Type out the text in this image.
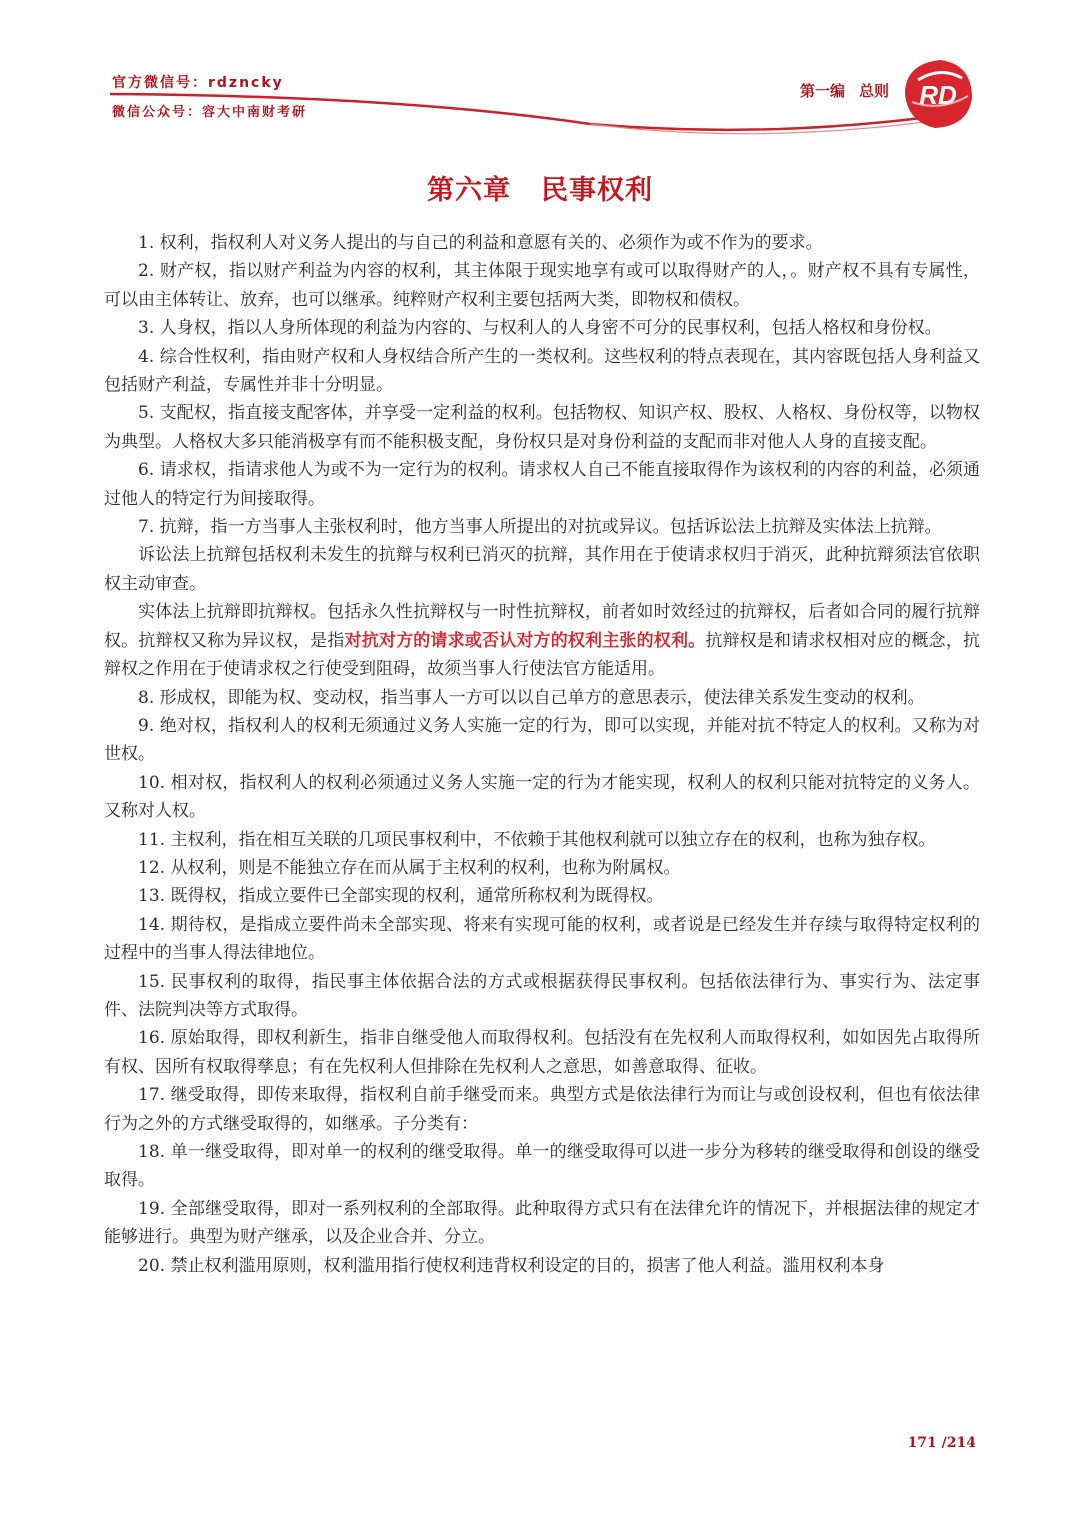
RD
官方微信号：rdzncky
微信公众号：容大中南财考研
第一编 总则
第六章 民事权利

1. 权利，指权利人对义务人提出的与自己的利益和意愿有关的、必须作为或不作为的要求。

2. 财产权，指以财产利益为内容的权利，其主体限于现实地享有或可以取得财产的人，。财产权不具有专属性，可以由主体转让、放弃，也可以继承。纯粹财产权利主要包括两大类，即物权和债权。

3. 人身权，指以人身所体现的利益为内容的、与权利人的人身密不可分的民事权利，包括人格权和身份权。

4. 综合性权利，指由财产权和人身权结合所产生的一类权利。这些权利的特点表现在，其内容既包括人身利益又包括财产利益，专属性并非十分明显。

5. 支配权，指直接支配客体，并享受一定利益的权利。包括物权、知识产权、股权、人格权、身份权等，以物权为典型。人格权大多只能消极享有而不能积极支配，身份权只是对身份利益的支配而非对他人人身的直接支配。

6. 请求权，指请求他人为或不为一定行为的权利。请求权人自己不能直接取得作为该权利的内容的利益，必须通过他人的特定行为间接取得。

7. 抗辩，指一方当事人主张权利时，他方当事人所提出的对抗或异议。包括诉讼法上抗辩及实体法上抗辩。

诉讼法上抗辩包括权利未发生的抗辩与权利已消灭的抗辩，其作用在于使请求权归于消灭，此种抗辩须法官依职权主动审查。

实体法上抗辩即抗辩权。包括永久性抗辩权与一时性抗辩权，前者如时效经过的抗辩权，后者如合同的履行抗辩权。抗辩权又称为异议权，是指对抗对方的请求或否认对方的权利主张的权利。抗辩权是和请求权相对应的概念，抗辩权之作用在于使请求权之行使受到阻碍，故须当事人行使法官方能适用。

8. 形成权，即能为权、变动权，指当事人一方可以以自己单方的意思表示，使法律关系发生变动的权利。

9. 绝对权，指权利人的权利无须通过义务人实施一定的行为，即可以实现，并能对抗不特定人的权利。又称为对世权。

10. 相对权，指权利人的权利必须通过义务人实施一定的行为才能实现，权利人的权利只能对抗特定的义务人。又称对人权。

11. 主权利，指在相互关联的几项民事权利中，不依赖于其他权利就可以独立存在的权利，也称为独存权。

12. 从权利，则是不能独立存在而从属于主权利的权利，也称为附属权。

13. 既得权，指成立要件已全部实现的权利，通常所称权利为既得权。

14. 期待权，是指成立要件尚未全部实现、将来有实现可能的权利，或者说是已经发生并存续与取得特定权利的过程中的当事人得法律地位。

15. 民事权利的取得，指民事主体依据合法的方式或根据获得民事权利。包括依法律行为、事实行为、法定事件、法院判决等方式取得。

16. 原始取得，即权利新生，指非自继受他人而取得权利。包括没有在先权利人而取得权利，如如因先占取得所有权、因所有权取得孳息；有在先权利人但排除在先权利人之意思，如善意取得、征收。

17. 继受取得，即传来取得，指权利自前手继受而来。典型方式是依法律行为而让与或创设权利，但也有依法律行为之外的方式继受取得的，如继承。子分类有：

18. 单一继受取得，即对单一的权利的继受取得。单一的继受取得可以进一步分为移转的继受取得和创设的继受取得。

19. 全部继受取得，即对一系列权利的全部取得。此种取得方式只有在法律允许的情况下，并根据法律的规定才能够进行。典型为财产继承，以及企业合并、分立。

20. 禁止权利滥用原则，权利滥用指行使权利违背权利设定的目的，损害了他人利益。滥用权利本身

171 /214
